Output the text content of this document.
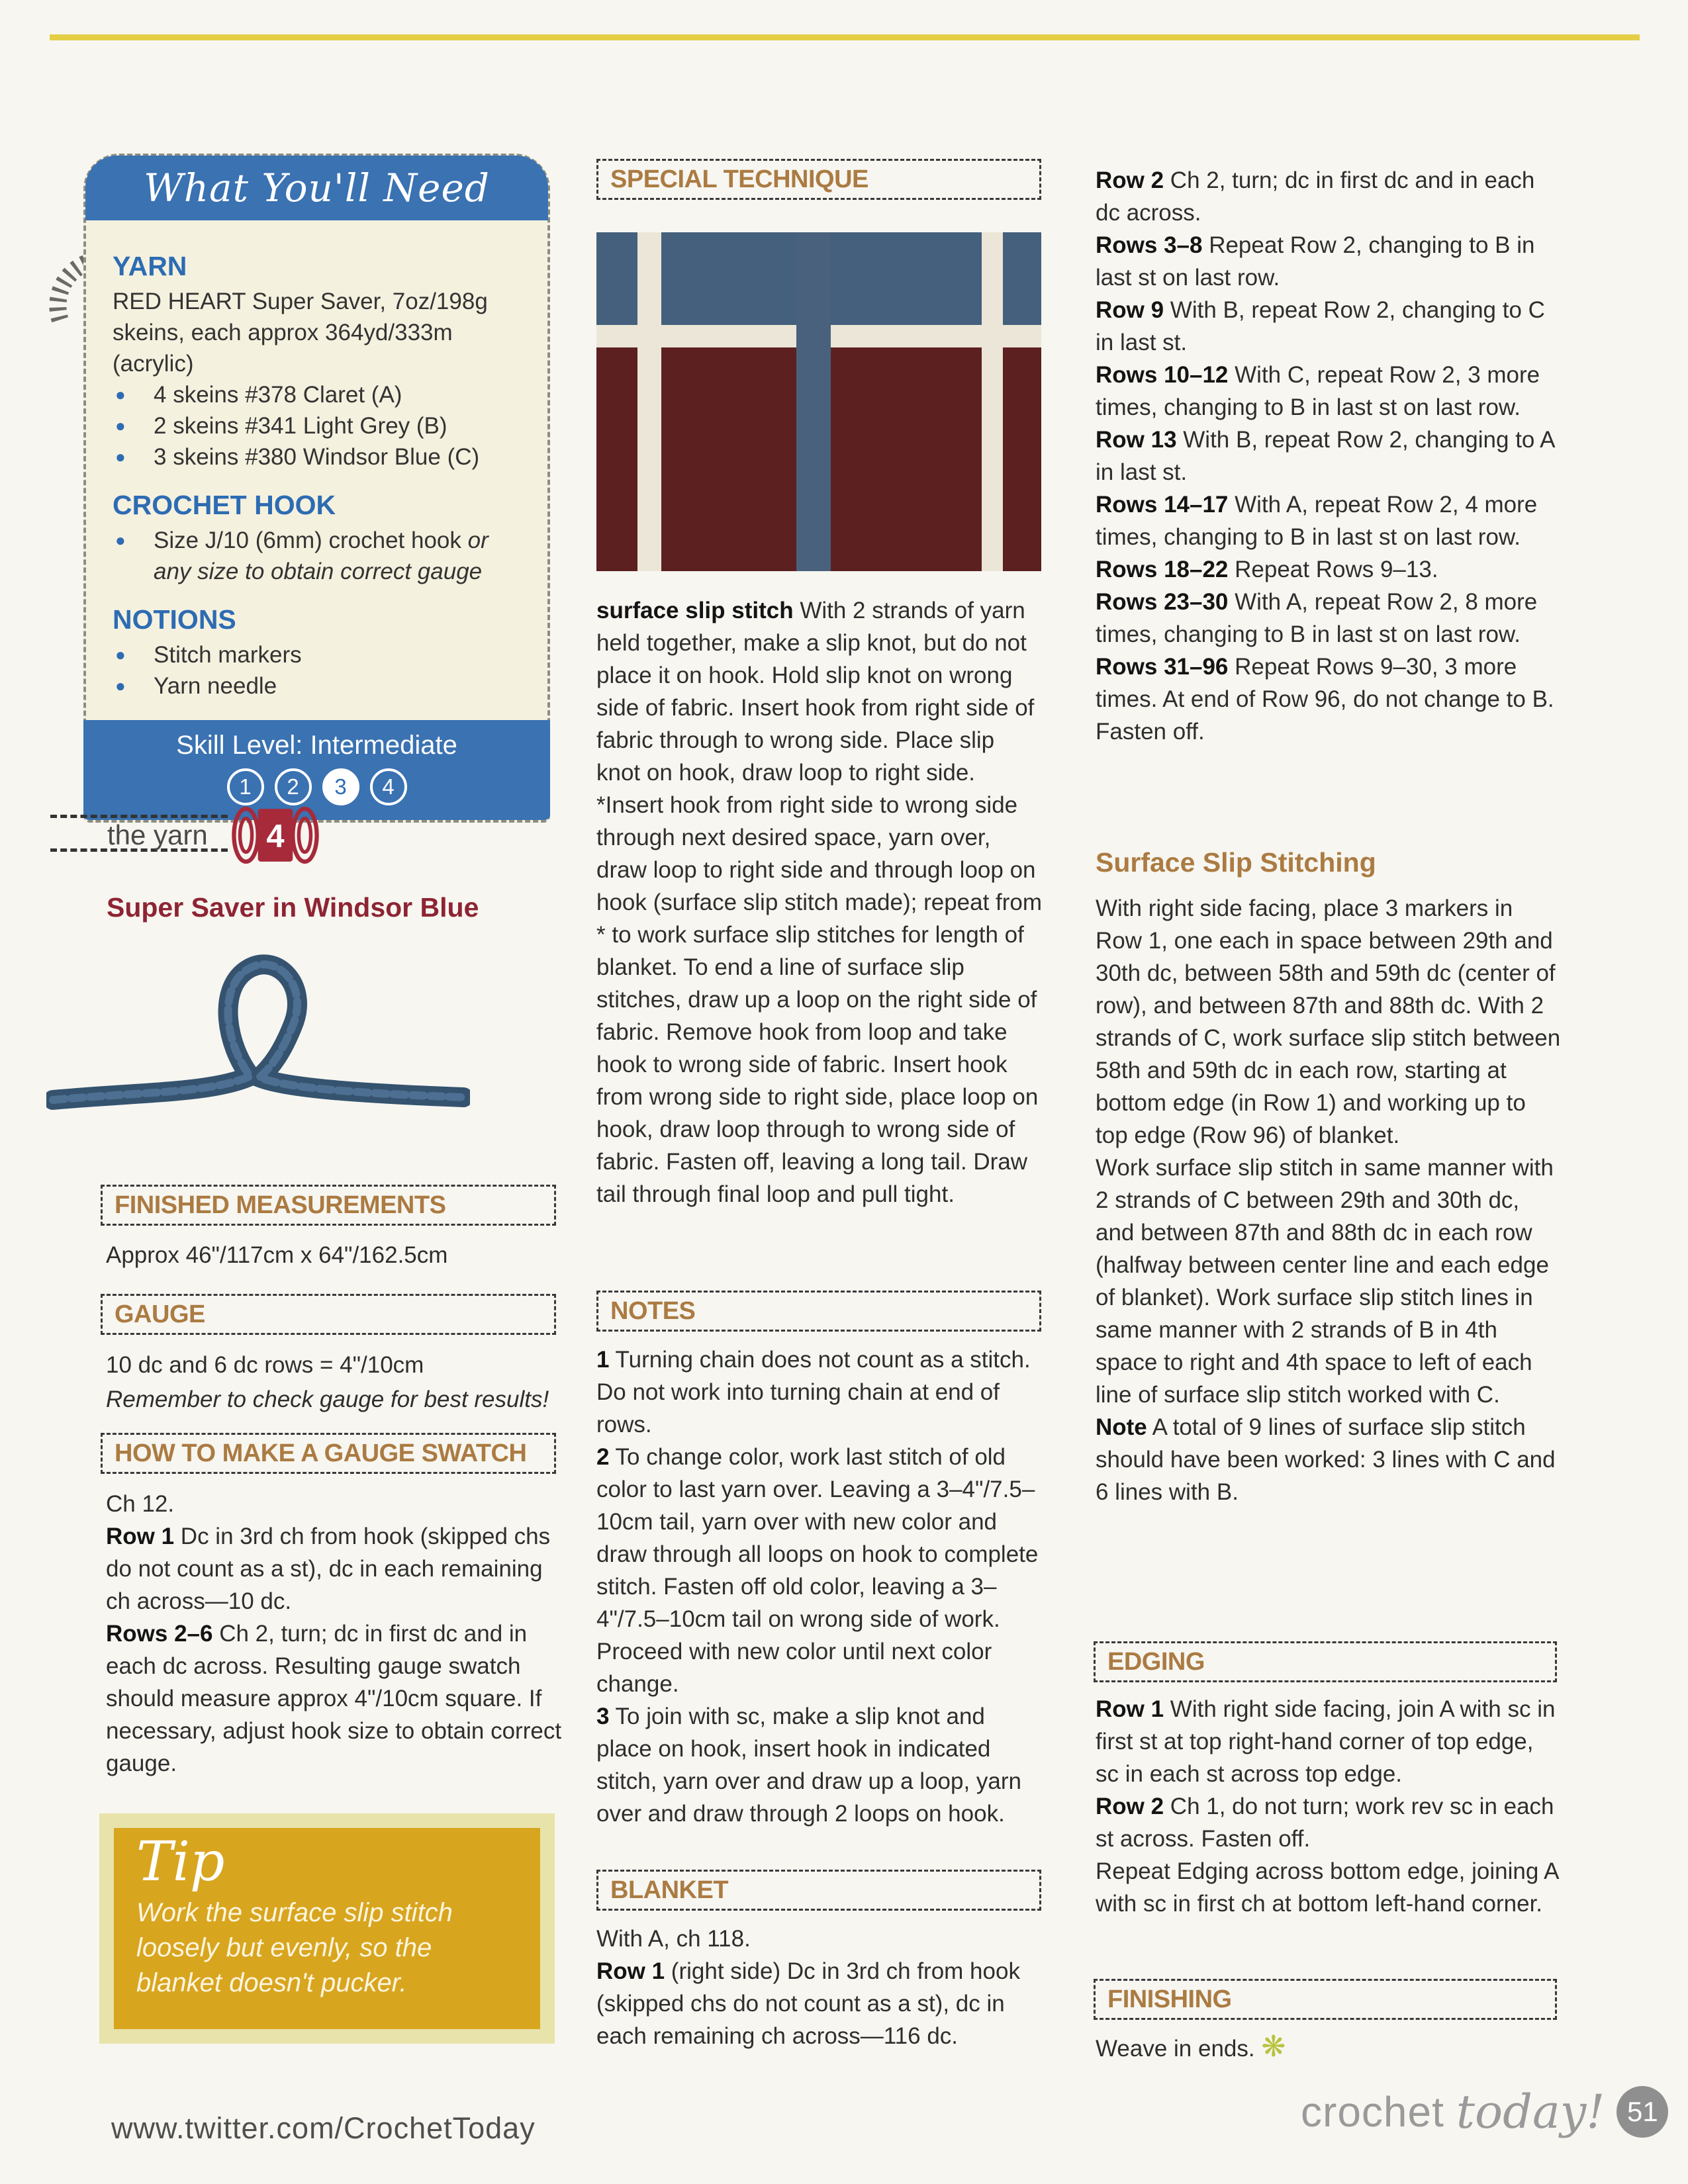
What You'll Need

YARN

RED HEART Super Saver, 7oz/198g skeins, each approx 364yd/333m (acrylic)

●	4 skeins #378 Claret (A)
●	2 skeins #341 Light Grey (B)
●	3 skeins #380 Windsor Blue (C)

CROCHET HOOK

●	Size J/10 (6mm) crochet hook or any size to obtain correct gauge

NOTIONS

●	Stitch markers
●	Yarn needle
Skill Level: Intermediate
1	2	3	4
the yarn 4

Super Saver in Windsor Blue

FINISHED MEASUREMENTS

Approx 46"/117cm x 64"/162.5cm

GAUGE

10 dc and 6 dc rows = 4"/10cm

Remember to check gauge for best results!

HOW TO MAKE A GAUGE SWATCH

Ch 12.

Row 1 Dc in 3rd ch from hook (skipped chs do not count as a st), dc in each remaining ch across—10 dc.

Rows 2–6 Ch 2, turn; dc in first dc and in each dc across. Resulting gauge swatch should measure approx 4"/10cm square. If necessary, adjust hook size to obtain correct gauge.

Tip

Work the surface slip stitch loosely but evenly, so the blanket doesn't pucker.

SPECIAL TECHNIQUE

surface slip stitch With 2 strands of yarn held together, make a slip knot, but do not place it on hook. Hold slip knot on wrong side of fabric. Insert hook from right side of fabric through to wrong side. Place slip knot on hook, draw loop to right side. *Insert hook from right side to wrong side through next desired space, yarn over, draw loop to right side and through loop on hook (surface slip stitch made); repeat from * to work surface slip stitches for length of blanket. To end a line of surface slip stitches, draw up a loop on the right side of fabric. Remove hook from loop and take hook to wrong side of fabric. Insert hook from wrong side to right side, place loop on hook, draw loop through to wrong side of fabric. Fasten off, leaving a long tail. Draw tail through final loop and pull tight.

NOTES

1 Turning chain does not count as a stitch. Do not work into turning chain at end of rows.

2 To change color, work last stitch of old color to last yarn over. Leaving a 3–4"/7.5–10cm tail, yarn over with new color and draw through all loops on hook to complete stitch. Fasten off old color, leaving a 3–4"/7.5–10cm tail on wrong side of work. Proceed with new color until next color change.

3 To join with sc, make a slip knot and place on hook, insert hook in indicated stitch, yarn over and draw up a loop, yarn over and draw through 2 loops on hook.

BLANKET

With A, ch 118.

Row 1 (right side) Dc in 3rd ch from hook (skipped chs do not count as a st), dc in each remaining ch across—116 dc.

Row 2 Ch 2, turn; dc in first dc and in each dc across.

Rows 3–8 Repeat Row 2, changing to B in last st on last row.

Row 9 With B, repeat Row 2, changing to C in last st.

Rows 10–12 With C, repeat Row 2, 3 more times, changing to B in last st on last row.

Row 13 With B, repeat Row 2, changing to A in last st.

Rows 14–17 With A, repeat Row 2, 4 more times, changing to B in last st on last row.

Rows 18–22 Repeat Rows 9–13.

Rows 23–30 With A, repeat Row 2, 8 more times, changing to B in last st on last row.

Rows 31–96 Repeat Rows 9–30, 3 more times. At end of Row 96, do not change to B. Fasten off.

Surface Slip Stitching

With right side facing, place 3 markers in Row 1, one each in space between 29th and 30th dc, between 58th and 59th dc (center of row), and between 87th and 88th dc. With 2 strands of C, work surface slip stitch between 58th and 59th dc in each row, starting at bottom edge (in Row 1) and working up to top edge (Row 96) of blanket.

Work surface slip stitch in same manner with 2 strands of C between 29th and 30th dc, and between 87th and 88th dc in each row (halfway between center line and each edge of blanket). Work surface slip stitch lines in same manner with 2 strands of B in 4th space to right and 4th space to left of each line of surface slip stitch worked with C.

Note A total of 9 lines of surface slip stitch should have been worked: 3 lines with C and 6 lines with B.

EDGING

Row 1 With right side facing, join A with sc in first st at top right-hand corner of top edge, sc in each st across top edge.

Row 2 Ch 1, do not turn; work rev sc in each st across. Fasten off.

Repeat Edging across bottom edge, joining A with sc in first ch at bottom left-hand corner.

FINISHING

Weave in ends. ❋

www.twitter.com/CrochetToday	crochet today! 51
